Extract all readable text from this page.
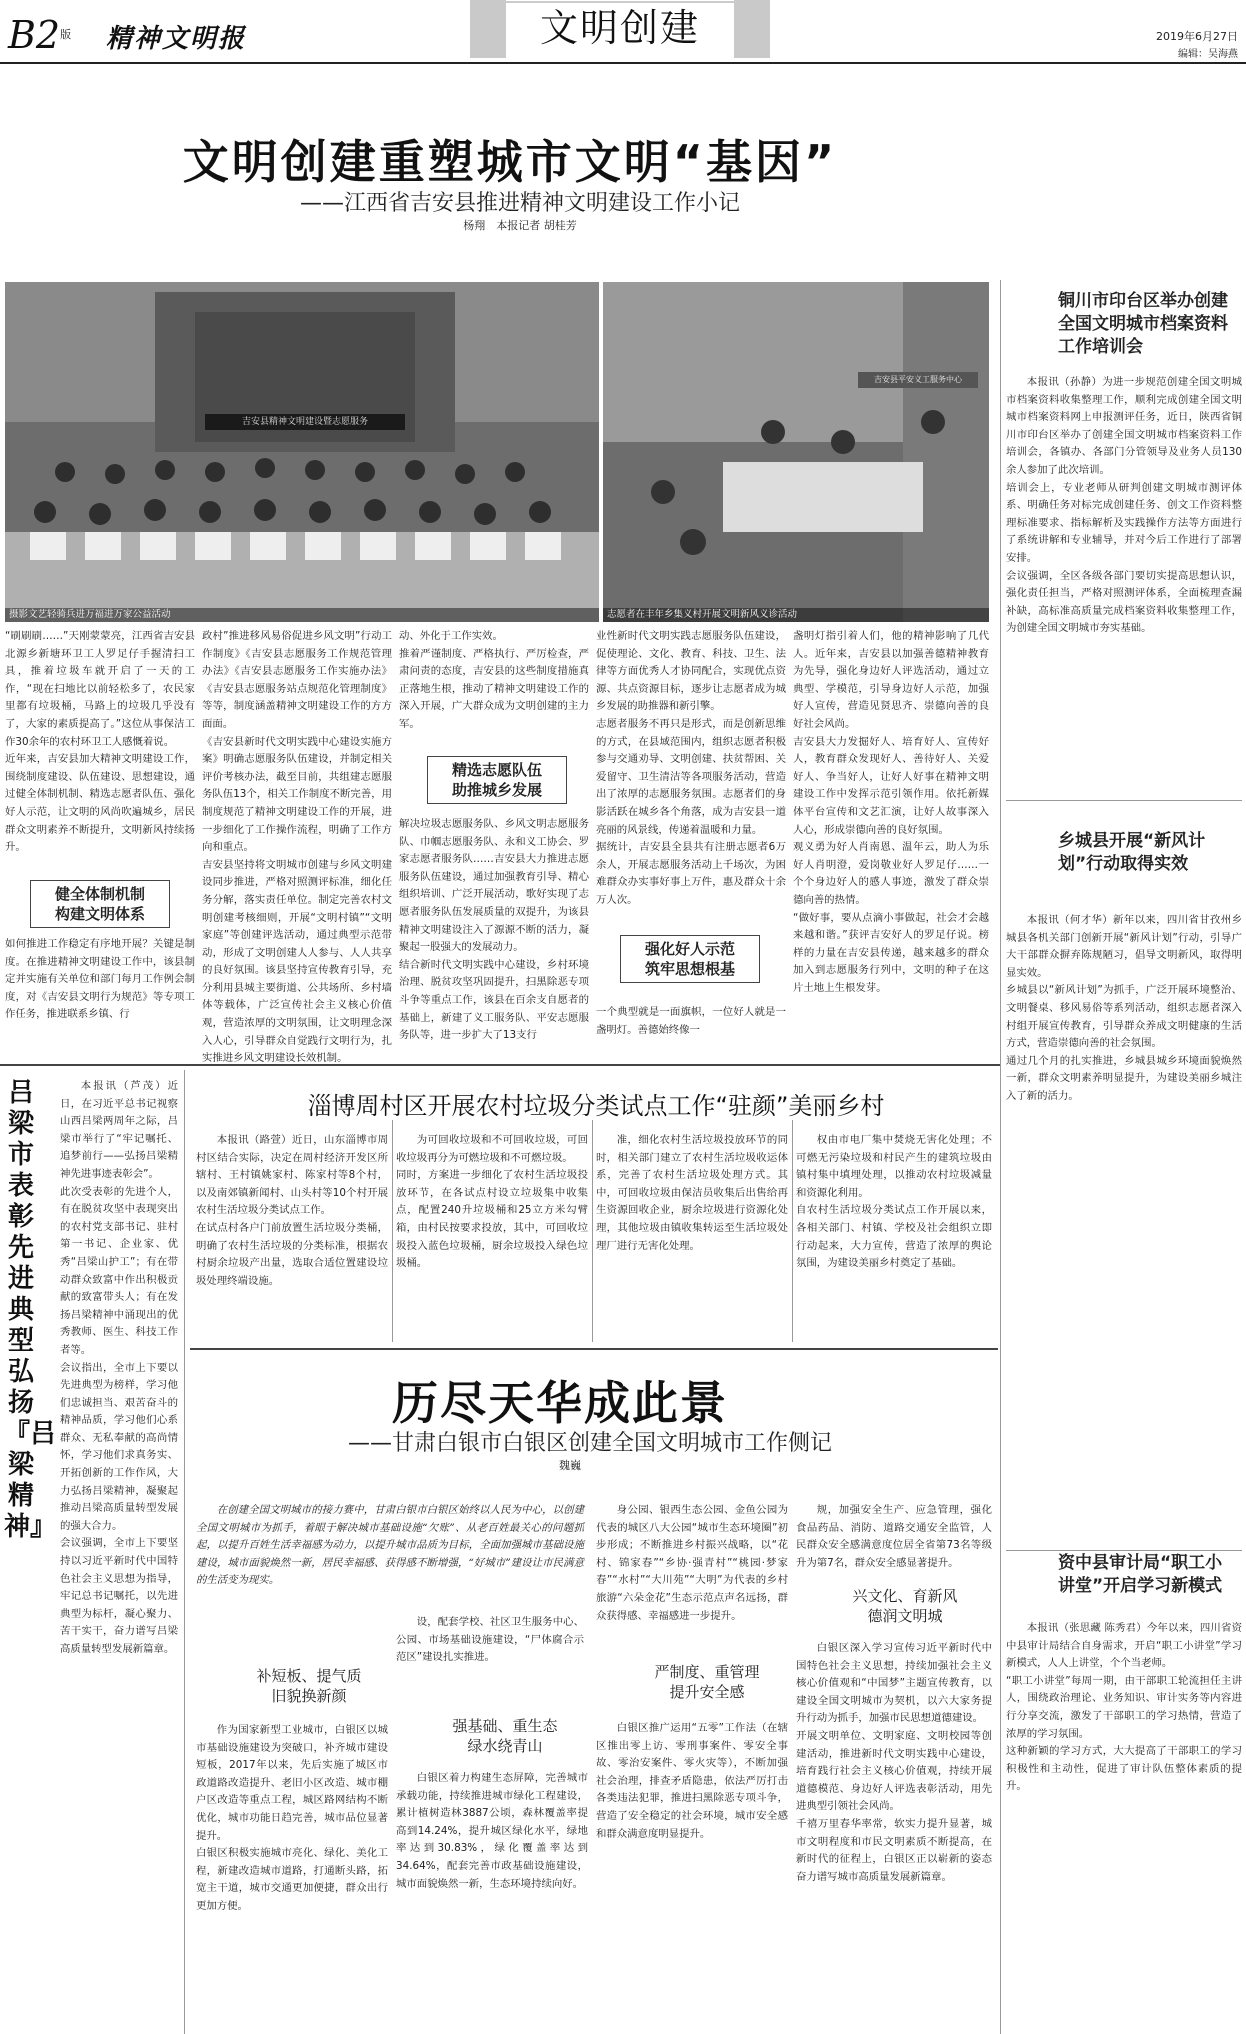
$B2^版$ 精神文明报	文明创建	2019年6月27日
编辑：吴海燕
文明创建重塑城市文明“基因”
——江西省吉安县推进精神文明建设工作小记
杨翔　本报记者 胡桂芳
吉安县精神文明建设暨志愿服务
摄影文艺轻骑兵进万福进万家公益活动
吉安县平安义工服务中心
志愿者在丰年乡集义村开展文明新风义诊活动

“刷刷刷……”天刚蒙蒙亮，江西省吉安县北源乡新塘环卫工人罗足仔手握清扫工具，推着垃圾车就开启了一天的工作，“现在扫地比以前轻松多了，农民家里都有垃圾桶，马路上的垃圾几乎没有了，大家的素质提高了。”这位从事保洁工作30余年的农村环卫工人感慨着说。
近年来，吉安县加大精神文明建设工作，围绕制度建设、队伍建设、思想建设，通过健全体制机制、精选志愿者队伍、强化好人示范，让文明的风尚吹遍城乡，居民群众文明素养不断提升，文明新风持续扬升。

健全体制机制
构建文明体系

如何推进工作稳定有序地开展？关键是制度。在推进精神文明建设工作中，该县制定并实施有关单位和部门每月工作例会制度，对《吉安县文明行为规范》等专项工作任务，推进联系乡镇、行

政村”推进移风易俗促进乡风文明”行动工作制度》《吉安县志愿服务工作规范管理办法》《吉安县志愿服务工作实施办法》《吉安县志愿服务站点规范化管理制度》等等，制度涵盖精神文明建设工作的方方面面。
《吉安县新时代文明实践中心建设实施方案》明确志愿服务队伍建设，并制定相关评价考核办法，截至目前，共组建志愿服务队伍13个，相关工作制度不断完善，用制度规范了精神文明建设工作的开展，进一步细化了工作操作流程，明确了工作方向和重点。
吉安县坚持将文明城市创建与乡风文明建设同步推进，严格对照测评标准，细化任务分解，落实责任单位。制定完善农村文明创建考核细则，开展“文明村镇”“文明家庭”等创建评选活动，通过典型示范带动，形成了文明创建人人参与、人人共享的良好氛围。该县坚持宣传教育引导，充分利用县城主要街道、公共场所、乡村墙体等载体，广泛宣传社会主义核心价值观，营造浓厚的文明氛围，让文明理念深入人心，引导群众自觉践行文明行为，扎实推进乡风文明建设长效机制。

动、外化于工作实效。
推着严谨制度、严格执行、严厉检查，严肃问责的态度，吉安县的这些制度措施真正落地生根，推动了精神文明建设工作的深入开展，广大群众成为文明创建的主力军。

精选志愿队伍
助推城乡发展

解决垃圾志愿服务队、乡风文明志愿服务队、巾帼志愿服务队、永和义工协会、罗家志愿者服务队……吉安县大力推进志愿服务队伍建设，通过加强教育引导、精心组织培训、广泛开展活动，歌好实现了志愿者服务队伍发展质量的双提升，为该县精神文明建设注入了源源不断的活力，凝聚起一股强大的发展动力。
结合新时代文明实践中心建设，乡村环境治理、脱贫攻坚巩固提升，扫黑除恶专项斗争等重点工作，该县在百余支自愿者的基础上，新建了义工服务队、平安志愿服务队等，进一步扩大了13支行

业性新时代文明实践志愿服务队伍建设，促使理论、文化、教育、科技、卫生、法律等方面优秀人才协同配合，实现优点资源、共点资源目标，逐步让志愿者成为城乡发展的助推器和新引擎。
志愿者服务不再只是形式，而是创新思维的方式，在县域范围内，组织志愿者积极参与交通劝导、文明创建、扶贫帮困、关爱留守、卫生清洁等各项服务活动，营造出了浓厚的志愿服务氛围。志愿者们的身影活跃在城乡各个角落，成为吉安县一道亮丽的风景线，传递着温暖和力量。
据统计，吉安县全县共有注册志愿者6万余人，开展志愿服务活动上千场次，为困难群众办实事好事上万件，惠及群众十余万人次。

强化好人示范
筑牢思想根基

一个典型就是一面旗帜，一位好人就是一盏明灯。善德始终像一

盏明灯指引着人们，他的精神影响了几代人。近年来，吉安县以加强善德精神教育为先导，强化身边好人评选活动，通过立典型、学模范，引导身边好人示范，加强好人宣传，营造见贤思齐、崇德向善的良好社会风尚。
吉安县大力发掘好人、培育好人、宣传好人，教育群众发现好人、善待好人、关爱好人、争当好人，让好人好事在精神文明建设工作中发挥示范引领作用。依托新媒体平台宣传和文艺汇演，让好人故事深入人心，形成崇德向善的良好氛围。
观义勇为好人肖南恩、温年云，助人为乐好人肖明澄，爱岗敬业好人罗足仔……一个个身边好人的感人事迹，激发了群众崇德向善的热情。
“做好事，要从点滴小事做起，社会才会越来越和谐。”获评吉安好人的罗足仔说。榜样的力量在吉安县传递，越来越多的群众加入到志愿服务行列中，文明的种子在这片土地上生根发芽。

铜川市印台区举办创建全国文明城市档案资料工作培训会

本报讯（孙静）为进一步规范创建全国文明城市档案资料收集整理工作，顺利完成创建全国文明城市档案资料网上申报测评任务，近日，陕西省铜川市印台区举办了创建全国文明城市档案资料工作培训会，各镇办、各部门分管领导及业务人员130余人参加了此次培训。
培训会上，专业老师从研判创建文明城市测评体系、明确任务对标完成创建任务、创文工作资料整理标准要求、指标解析及实践操作方法等方面进行了系统讲解和专业辅导，并对今后工作进行了部署安排。
会议强调，全区各级各部门要切实提高思想认识，强化责任担当，严格对照测评体系，全面梳理查漏补缺，高标准高质量完成档案资料收集整理工作，为创建全国文明城市夯实基础。

乡城县开展“新风计划”行动取得实效

本报讯（何才华）新年以来，四川省甘孜州乡城县各机关部门创新开展“新风计划”行动，引导广大干部群众摒弃陈规陋习，倡导文明新风，取得明显实效。
乡城县以“新风计划”为抓手，广泛开展环境整治、文明餐桌、移风易俗等系列活动，组织志愿者深入村组开展宣传教育，引导群众养成文明健康的生活方式，营造崇德向善的社会氛围。
通过几个月的扎实推进，乡城县城乡环境面貌焕然一新，群众文明素养明显提升，为建设美丽乡城注入了新的活力。

资中县审计局“职工小讲堂”开启学习新模式

本报讯（张思藏 陈秀君）今年以来，四川省资中县审计局结合自身需求，开启“职工小讲堂”学习新模式，人人上讲堂，个个当老师。
“职工小讲堂”每周一期，由干部职工轮流担任主讲人，围绕政治理论、业务知识、审计实务等内容进行分享交流，激发了干部职工的学习热情，营造了浓厚的学习氛围。
这种新颖的学习方式，大大提高了干部职工的学习积极性和主动性，促进了审计队伍整体素质的提升。

吕梁市表彰先进典型弘扬『吕梁精神』

本报讯（芦茂）近日，在习近平总书记视察山西吕梁两周年之际，吕梁市举行了“牢记嘱托、追梦前行——弘扬吕梁精神先进事迹表彰会”。
此次受表彰的先进个人，有在脱贫攻坚中表现突出的农村党支部书记、驻村第一书记、企业家、优秀“吕梁山护工”；有在带动群众致富中作出积极贡献的致富带头人；有在发扬吕梁精神中涌现出的优秀教师、医生、科技工作者等。
会议指出，全市上下要以先进典型为榜样，学习他们忠诚担当、艰苦奋斗的精神品质，学习他们心系群众、无私奉献的高尚情怀，学习他们求真务实、开拓创新的工作作风，大力弘扬吕梁精神，凝聚起推动吕梁高质量转型发展的强大合力。
会议强调，全市上下要坚持以习近平新时代中国特色社会主义思想为指导，牢记总书记嘱托，以先进典型为标杆，凝心聚力、苦干实干，奋力谱写吕梁高质量转型发展新篇章。

淄博周村区开展农村垃圾分类试点工作“驻颜”美丽乡村

本报讯（路萱）近日，山东淄博市周村区结合实际，决定在周村经济开发区所辖村、王村镇姚家村、陈家村等8个村，以及南郊镇新闻村、山头村等10个村开展农村生活垃圾分类试点工作。
在试点村各户门前放置生活垃圾分类桶，明确了农村生活垃圾的分类标准，根据农村厨余垃圾产出量，选取合适位置建设垃圾处理终端设施。

为可回收垃圾和不可回收垃圾，可回收垃圾再分为可燃垃圾和不可燃垃圾。
同时，方案进一步细化了农村生活垃圾投放环节，在各试点村设立垃圾集中收集点，配置240升垃圾桶和25立方米勾臂箱，由村民按要求投放，其中，可回收垃圾投入蓝色垃圾桶，厨余垃圾投入绿色垃圾桶。

准，细化农村生活垃圾投放环节的同时，相关部门建立了农村生活垃圾收运体系，完善了农村生活垃圾处理方式。其中，可回收垃圾由保洁员收集后出售给再生资源回收企业，厨余垃圾进行资源化处理，其他垃圾由镇收集转运至生活垃圾处理厂进行无害化处理。

权由市电厂集中焚烧无害化处理；不可燃无污染垃圾和村民产生的建筑垃圾由镇村集中填埋处理，以推动农村垃圾减量和资源化利用。
自农村生活垃圾分类试点工作开展以来，各相关部门、村镇、学校及社会组织立即行动起来，大力宣传，营造了浓厚的舆论氛围，为建设美丽乡村奠定了基础。

历尽天华成此景
——甘肃白银市白银区创建全国文明城市工作侧记
魏巍

在创建全国文明城市的接力赛中，甘肃白银市白银区始终以人民为中心，以创建全国文明城市为抓手，着眼于解决城市基础设施“欠账”、从老百姓最关心的问题抓起，以提升百姓生活幸福感为动力，以提升城市品质为目标，全面加强城市基础设施建设，城市面貌焕然一新，居民幸福感、获得感不断增强，“好城市”建设让市民满意的生活变为现实。

设，配套学校、社区卫生服务中心、公园、市场基础设施建设，“尸体腐合示范区”建设扎实推进。

身公园、银西生态公园、金鱼公园为代表的城区八大公园“城市生态环境圈”初步形成；不断推进乡村振兴战略，以“花村、锦家春”“乡协·强青村”“桃园·梦家春”“水村”“大川苑”“大明”为代表的乡村旅游“六朵金花”生态示范点声名远扬，群众获得感、幸福感进一步提升。

规，加强安全生产、应急管理，强化食品药品、消防、道路交通安全监管，人民群众安全感满意度位居全省第73名等级升为第7名，群众安全感显著提升。

补短板、提气质
旧貌换新颜

作为国家新型工业城市，白银区以城市基础设施建设为突破口，补齐城市建设短板，2017年以来，先后实施了城区市政道路改造提升、老旧小区改造、城市棚户区改造等重点工程，城区路网结构不断优化，城市功能日趋完善，城市品位显著提升。
白银区积极实施城市亮化、绿化、美化工程，新建改造城市道路，打通断头路，拓宽主干道，城市交通更加便捷，群众出行更加方便。

强基础、重生态
绿水绕青山

白银区着力构建生态屏障，完善城市承载功能，持续推进城市绿化工程建设，累计植树造林3887公顷，森林覆盖率提高到14.24%，提升城区绿化水平，绿地率达到30.83%，绿化覆盖率达到34.64%，配套完善市政基础设施建设，城市面貌焕然一新，生态环境持续向好。

严制度、重管理
提升安全感

白银区推广运用“五零”工作法（在辖区推出零上访、零刑事案件、零安全事故、零治安案件、零火灾等），不断加强社会治理，排查矛盾隐患，依法严厉打击各类违法犯罪，推进扫黑除恶专项斗争，营造了安全稳定的社会环境，城市安全感和群众满意度明显提升。

兴文化、育新风
德润文明城

白银区深入学习宣传习近平新时代中国特色社会主义思想，持续加强社会主义核心价值观和“中国梦”主题宣传教育，以建设全国文明城市为契机，以六大家务提升行动为抓手，加强市民思想道德建设。
开展文明单位、文明家庭、文明校园等创建活动，推进新时代文明实践中心建设，培育践行社会主义核心价值观，持续开展道德模范、身边好人评选表彰活动，用先进典型引领社会风尚。
千禧万里春华率常，软实力提升显著，城市文明程度和市民文明素质不断提高，在新时代的征程上，白银区正以崭新的姿态奋力谱写城市高质量发展新篇章。
